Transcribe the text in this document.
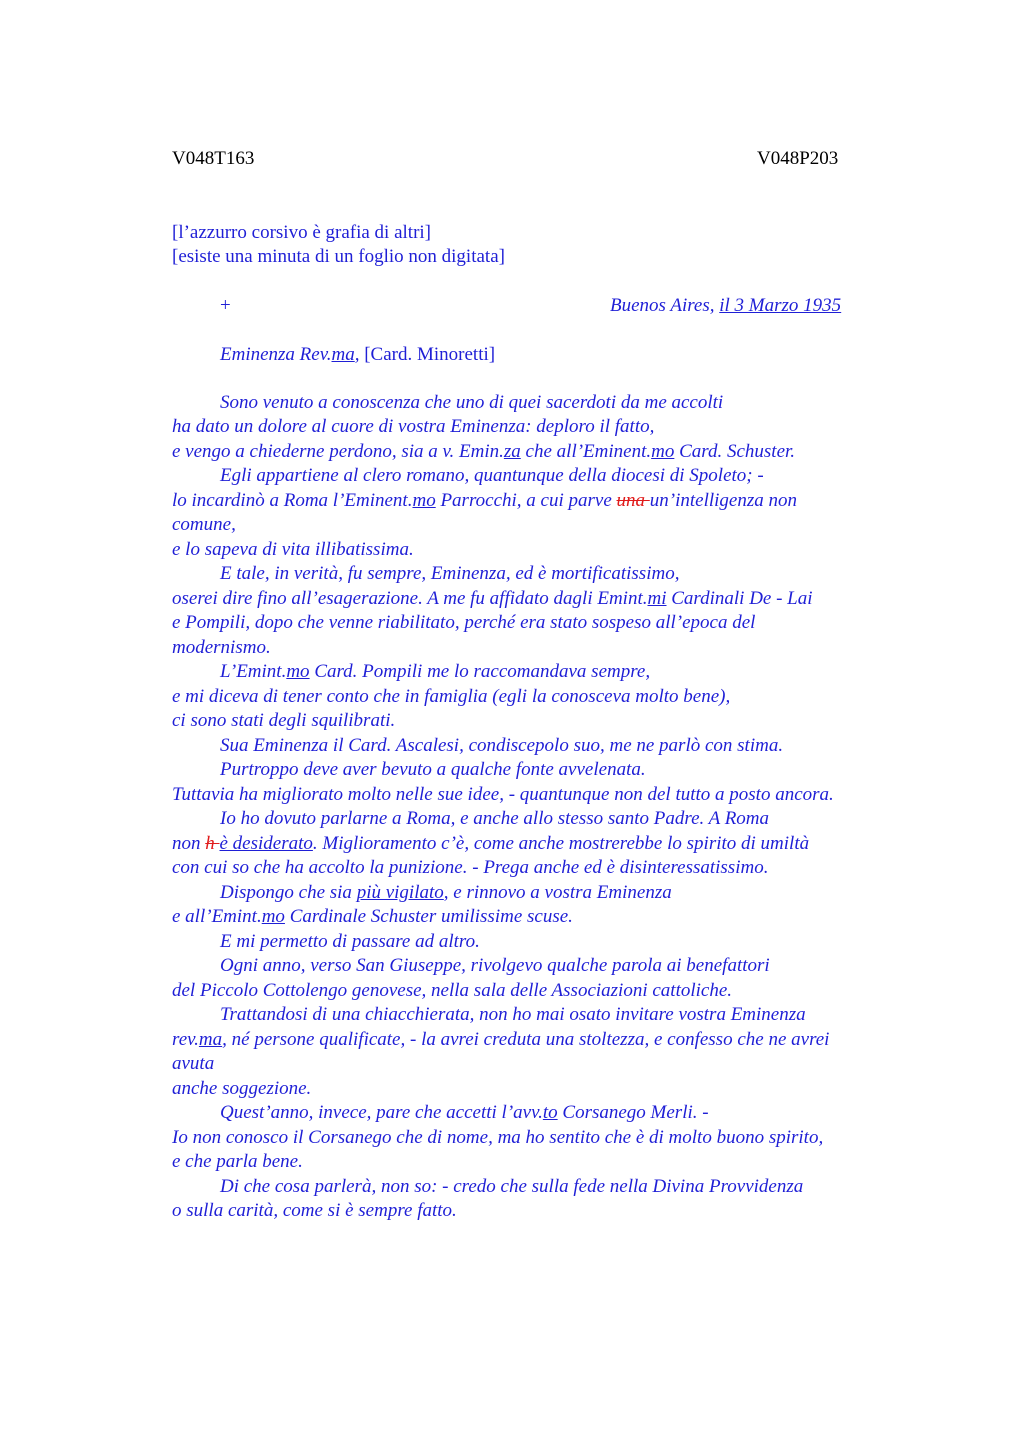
V048T163	V048P203
[l’azzurro corsivo è grafia di altri]
[esiste una minuta di un foglio non digitata]
+	Buenos Aires, il 3 Marzo 1935
Eminenza Rev.ma, [Card. Minoretti]
Sono venuto a conoscenza che uno di quei sacerdoti da me accolti
ha dato un dolore al cuore di vostra Eminenza: deploro il fatto,
e vengo a chiederne perdono, sia a v. Emin.za che all’Eminent.mo Card. Schuster.
Egli appartiene al clero romano, quantunque della diocesi di Spoleto; -
lo incardinò a Roma l’Eminent.mo Parrocchi, a cui parve una un’intelligenza non
comune,
e lo sapeva di vita illibatissima.
E tale, in verità, fu sempre, Eminenza, ed è mortificatissimo,
oserei dire fino all’esagerazione. A me fu affidato dagli Emint.mi Cardinali De - Lai
e Pompili, dopo che venne riabilitato, perché era stato sospeso all’epoca del
modernismo.
L’Emint.mo Card. Pompili me lo raccomandava sempre,
e mi diceva di tener conto che in famiglia (egli la conosceva molto bene),
ci sono stati degli squilibrati.
Sua Eminenza il Card. Ascalesi, condiscepolo suo, me ne parlò con stima.
Purtroppo deve aver bevuto a qualche fonte avvelenata.
Tuttavia ha migliorato molto nelle sue idee, - quantunque non del tutto a posto ancora.
Io ho dovuto parlarne a Roma, e anche allo stesso santo Padre. A Roma
non h è desiderato. Miglioramento c’è, come anche mostrerebbe lo spirito di umiltà
con cui so che ha accolto la punizione. - Prega anche ed è disinteressatissimo.
Dispongo che sia più vigilato, e rinnovo a vostra Eminenza
e all’Emint.mo Cardinale Schuster umilissime scuse.
E mi permetto di passare ad altro.
Ogni anno, verso San Giuseppe, rivolgevo qualche parola ai benefattori
del Piccolo Cottolengo genovese, nella sala delle Associazioni cattoliche.
Trattandosi di una chiacchierata, non ho mai osato invitare vostra Eminenza
rev.ma, né persone qualificate, - la avrei creduta una stoltezza, e confesso che ne avrei
avuta
anche soggezione.
Quest’anno, invece, pare che accetti l’avv.to Corsanego Merli. -
Io non conosco il Corsanego che di nome, ma ho sentito che è di molto buono spirito,
e che parla bene.
Di che cosa parlerà, non so: - credo che sulla fede nella Divina Provvidenza
o sulla carità, come si è sempre fatto.
